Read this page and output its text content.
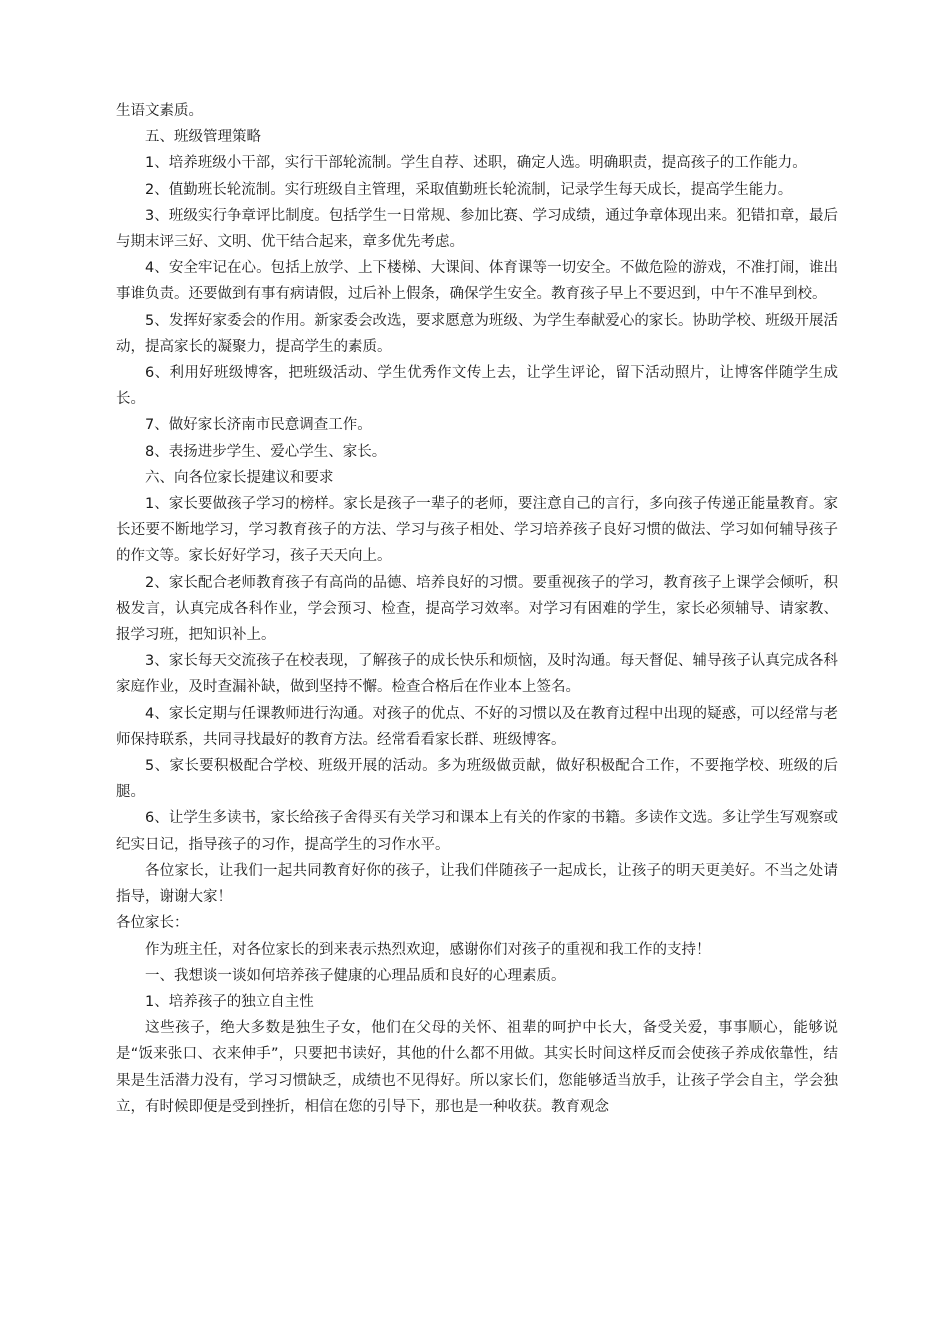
生语文素质。

五、班级管理策略

1、培养班级小干部，实行干部轮流制。学生自荐、述职，确定人选。明确职责，提高孩子的工作能力。

2、值勤班长轮流制。实行班级自主管理，采取值勤班长轮流制，记录学生每天成长，提高学生能力。

3、班级实行争章评比制度。包括学生一日常规、参加比赛、学习成绩，通过争章体现出来。犯错扣章，最后与期末评三好、文明、优干结合起来，章多优先考虑。

4、安全牢记在心。包括上放学、上下楼梯、大课间、体育课等一切安全。不做危险的游戏，不准打闹，谁出事谁负责。还要做到有事有病请假，过后补上假条，确保学生安全。教育孩子早上不要迟到，中午不准早到校。

5、发挥好家委会的作用。新家委会改选，要求愿意为班级、为学生奉献爱心的家长。协助学校、班级开展活动，提高家长的凝聚力，提高学生的素质。

6、利用好班级博客，把班级活动、学生优秀作文传上去，让学生评论，留下活动照片，让博客伴随学生成长。

7、做好家长济南市民意调查工作。

8、表扬进步学生、爱心学生、家长。

六、向各位家长提建议和要求

1、家长要做孩子学习的榜样。家长是孩子一辈子的老师，要注意自己的言行，多向孩子传递正能量教育。家长还要不断地学习，学习教育孩子的方法、学习与孩子相处、学习培养孩子良好习惯的做法、学习如何辅导孩子的作文等。家长好好学习，孩子天天向上。

2、家长配合老师教育孩子有高尚的品德、培养良好的习惯。要重视孩子的学习，教育孩子上课学会倾听，积极发言，认真完成各科作业，学会预习、检查，提高学习效率。对学习有困难的学生，家长必须辅导、请家教、报学习班，把知识补上。

3、家长每天交流孩子在校表现，了解孩子的成长快乐和烦恼，及时沟通。每天督促、辅导孩子认真完成各科家庭作业，及时查漏补缺，做到坚持不懈。检查合格后在作业本上签名。

4、家长定期与任课教师进行沟通。对孩子的优点、不好的习惯以及在教育过程中出现的疑惑，可以经常与老师保持联系，共同寻找最好的教育方法。经常看看家长群、班级博客。

5、家长要积极配合学校、班级开展的活动。多为班级做贡献，做好积极配合工作，不要拖学校、班级的后腿。

6、让学生多读书，家长给孩子舍得买有关学习和课本上有关的作家的书籍。多读作文选。多让学生写观察或纪实日记，指导孩子的习作，提高学生的习作水平。

各位家长，让我们一起共同教育好你的孩子，让我们伴随孩子一起成长，让孩子的明天更美好。不当之处请指导，谢谢大家！

各位家长：

作为班主任，对各位家长的到来表示热烈欢迎，感谢你们对孩子的重视和我工作的支持！

一、我想谈一谈如何培养孩子健康的心理品质和良好的心理素质。

1、培养孩子的独立自主性

这些孩子，绝大多数是独生子女，他们在父母的关怀、祖辈的呵护中长大，备受关爱，事事顺心，能够说是“饭来张口、衣来伸手”，只要把书读好，其他的什么都不用做。其实长时间这样反而会使孩子养成依靠性，结果是生活潜力没有，学习习惯缺乏，成绩也不见得好。所以家长们，您能够适当放手，让孩子学会自主，学会独立，有时候即便是受到挫折，相信在您的引导下，那也是一种收获。教育观念
